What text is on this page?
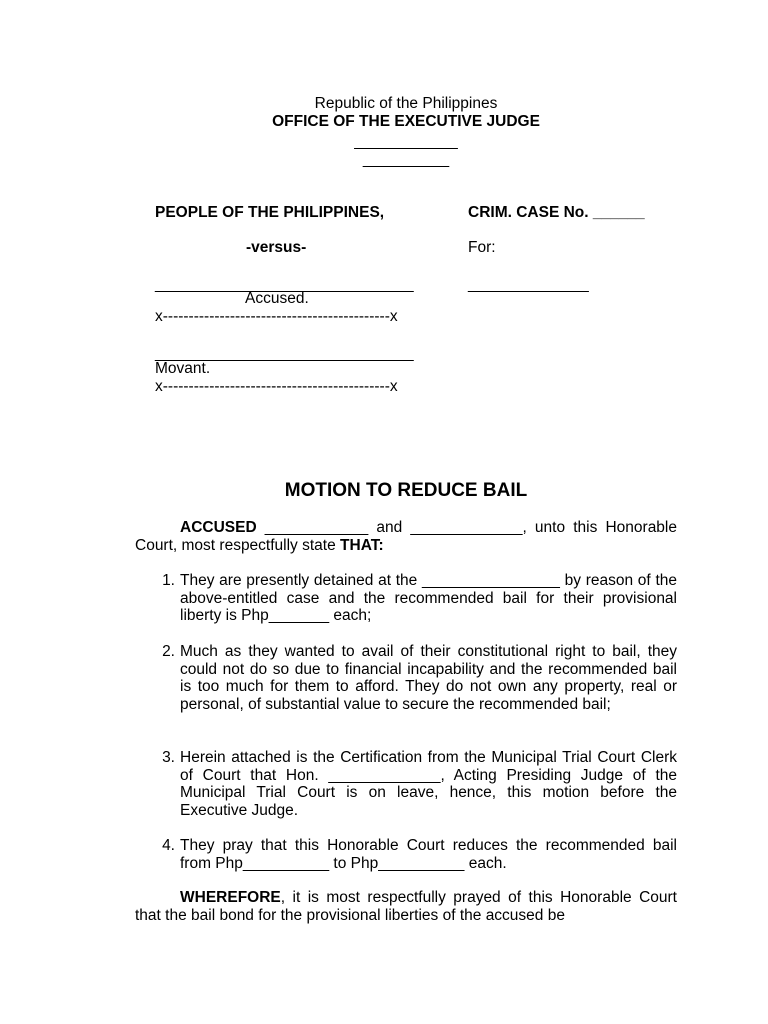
Republic of the Philippines
OFFICE OF THE EXECUTIVE JUDGE
____________
__________
PEOPLE OF THE PHILIPPINES,
-versus-
______________________________
Accused.
x--------------------------------------------x
______________________________
Movant.
x--------------------------------------------x
CRIM. CASE No. ______
For:
______________
MOTION TO REDUCE BAIL
ACCUSED ____________ and _____________, unto this Honorable Court, most respectfully state THAT:
1. They are presently detained at the ________________ by reason of the above-entitled case and the recommended bail for their provisional liberty is Php_______ each;
2. Much as they wanted to avail of their constitutional right to bail, they could not do so due to financial incapability and the recommended bail is too much for them to afford. They do not own any property, real or personal, of substantial value to secure the recommended bail;
3. Herein attached is the Certification from the Municipal Trial Court Clerk of Court that Hon. _____________, Acting Presiding Judge of the Municipal Trial Court is on leave, hence, this motion before the Executive Judge.
4. They pray that this Honorable Court reduces the recommended bail from Php__________ to Php__________ each.
WHEREFORE, it is most respectfully prayed of this Honorable Court that the bail bond for the provisional liberties of the accused be
